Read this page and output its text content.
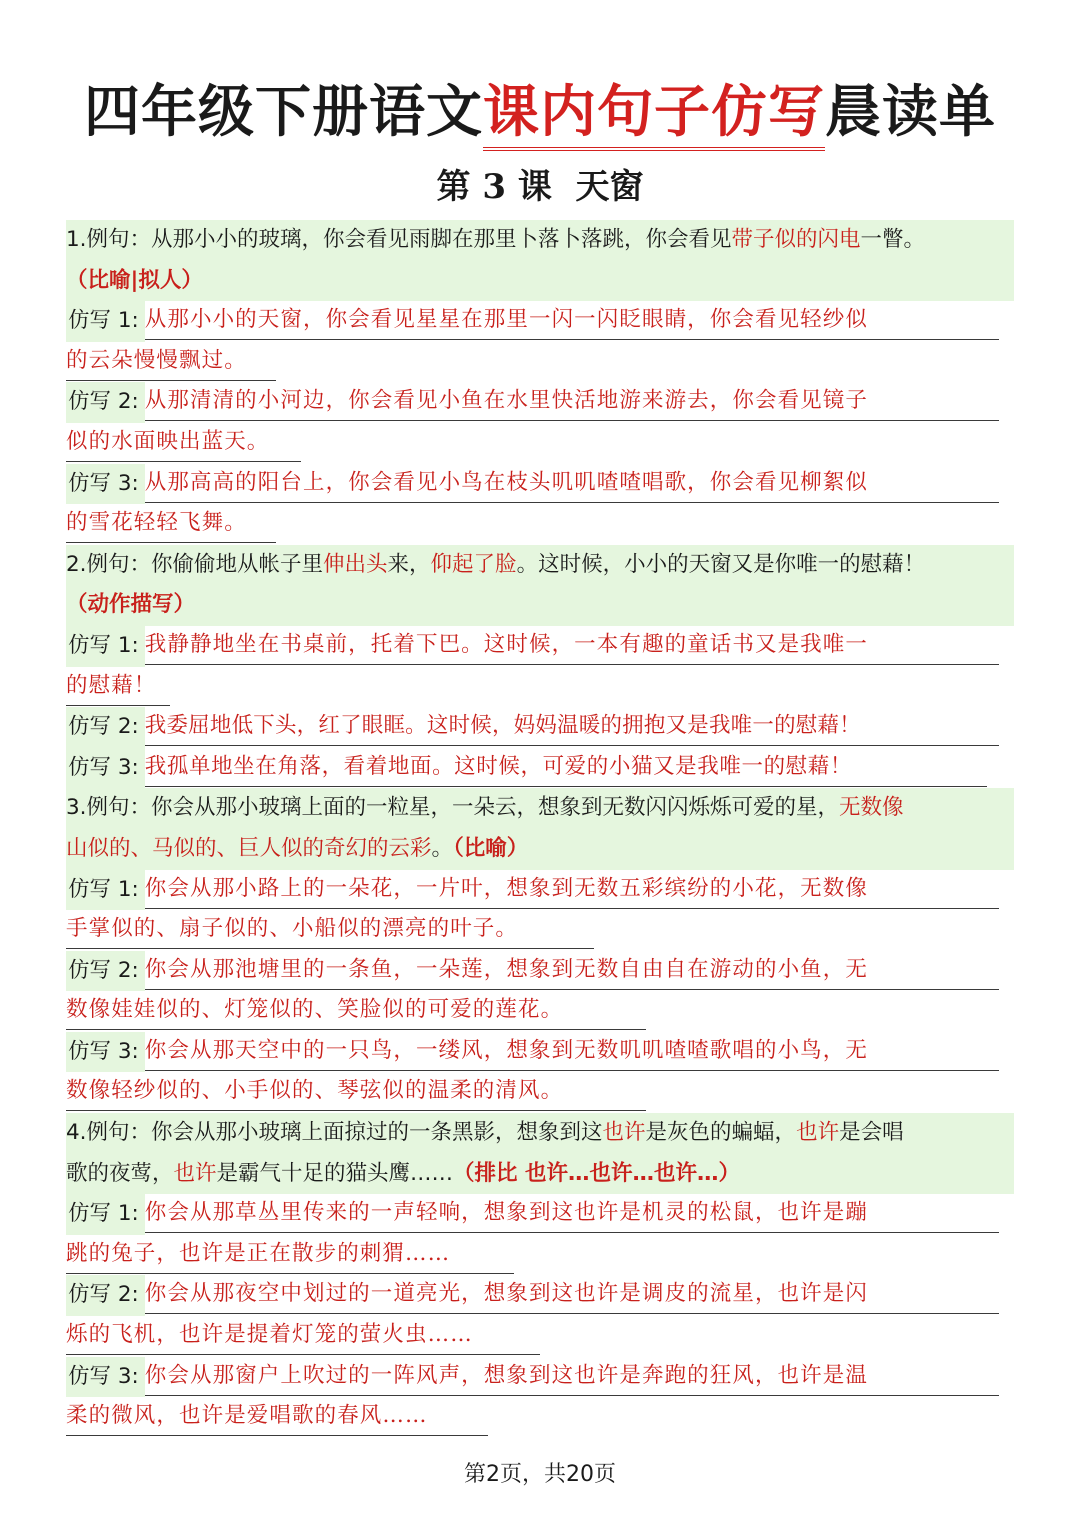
四年级下册语文课内句子仿写晨读单
第 3 课  天窗
1.例句：从那小小的玻璃，你会看见雨脚在那里卜落卜落跳，你会看见带子似的闪电一瞥。
（比喻|拟人）
仿写 1: 从那小小的天窗，你会看见星星在那里一闪一闪眨眼睛，你会看见轻纱似
的云朵慢慢飘过。
仿写 2: 从那清清的小河边，你会看见小鱼在水里快活地游来游去，你会看见镜子
似的水面映出蓝天。
仿写 3: 从那高高的阳台上，你会看见小鸟在枝头叽叽喳喳唱歌，你会看见柳絮似
的雪花轻轻飞舞。
2.例句：你偷偷地从帐子里伸出头来，仰起了脸。这时候，小小的天窗又是你唯一的慰藉！
（动作描写）
仿写 1: 我静静地坐在书桌前，托着下巴。这时候，一本有趣的童话书又是我唯一
的慰藉！
仿写 2: 我委屈地低下头，红了眼眶。这时候，妈妈温暖的拥抱又是我唯一的慰藉！
仿写 3: 我孤单地坐在角落，看着地面。这时候，可爱的小猫又是我唯一的慰藉！
3.例句：你会从那小玻璃上面的一粒星，一朵云，想象到无数闪闪烁烁可爱的星，无数像
山似的、马似的、巨人似的奇幻的云彩。（比喻）
仿写 1: 你会从那小路上的一朵花，一片叶，想象到无数五彩缤纷的小花，无数像
手掌似的、扇子似的、小船似的漂亮的叶子。
仿写 2: 你会从那池塘里的一条鱼，一朵莲，想象到无数自由自在游动的小鱼，无
数像娃娃似的、灯笼似的、笑脸似的可爱的莲花。
仿写 3: 你会从那天空中的一只鸟，一缕风，想象到无数叽叽喳喳歌唱的小鸟，无
数像轻纱似的、小手似的、琴弦似的温柔的清风。
4.例句：你会从那小玻璃上面掠过的一条黑影，想象到这也许是灰色的蝙蝠，也许是会唱
歌的夜莺，也许是霸气十足的猫头鹰……（排比 也许…也许…也许…）
仿写 1: 你会从那草丛里传来的一声轻响，想象到这也许是机灵的松鼠，也许是蹦
跳的兔子，也许是正在散步的刺猬……
仿写 2: 你会从那夜空中划过的一道亮光，想象到这也许是调皮的流星，也许是闪
烁的飞机，也许是提着灯笼的萤火虫……
仿写 3: 你会从那窗户上吹过的一阵风声，想象到这也许是奔跑的狂风，也许是温
柔的微风，也许是爱唱歌的春风……
第2页，共20页
